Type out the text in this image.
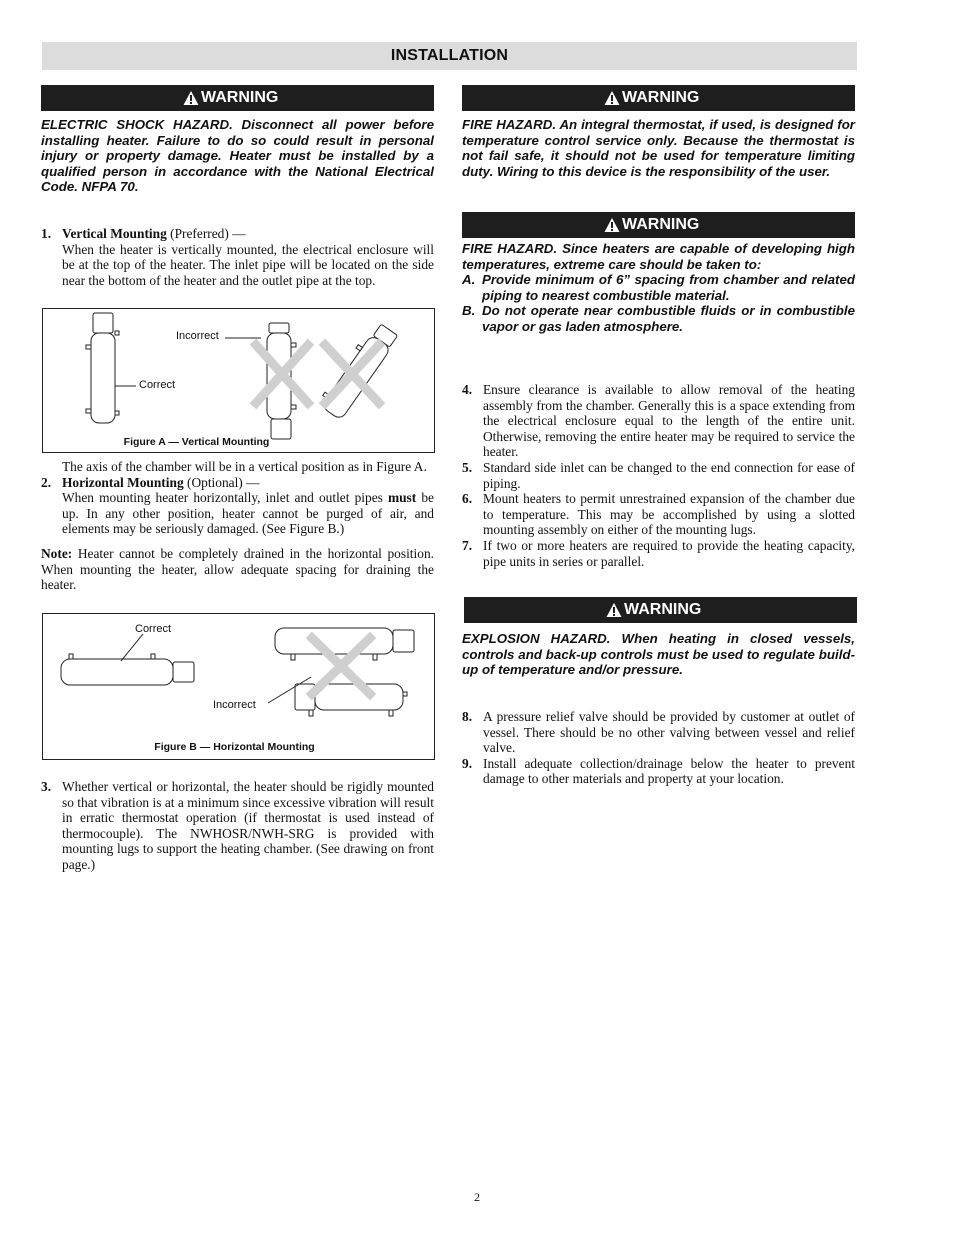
INSTALLATION
WARNING

ELECTRIC SHOCK HAZARD. Disconnect all power before installing heater. Failure to do so could result in personal injury or property damage. Heater must be installed by a qualified person in accordance with the National Electrical Code. NFPA 70.

1. Vertical Mounting (Preferred) —
When the heater is vertically mounted, the electrical enclosure will be at the top of the heater. The inlet pipe will be located on the side near the bottom of the heater and the outlet pipe at the top.
Incorrect
Correct
Figure A — Vertical Mounting
The axis of the chamber will be in a vertical position as in Figure A.
2. Horizontal Mounting (Optional) —
When mounting heater horizontally, inlet and outlet pipes must be up. In any other position, heater cannot be purged of air, and elements may be seriously damaged. (See Figure B.)

Note: Heater cannot be completely drained in the horizontal position. When mounting the heater, allow adequate spacing for draining the heater.

Correct
Incorrect
Figure B — Horizontal Mounting
3. Whether vertical or horizontal, the heater should be rigidly mounted so that vibration is at a minimum since excessive vibration will result in erratic thermostat operation (if thermostat is used instead of thermocouple). The NWHOSR/NWH-SRG is provided with mounting lugs to support the heating chamber. (See drawing on front page.)
WARNING

FIRE HAZARD. An integral thermostat, if used, is designed for temperature control service only. Because the thermostat is not fail safe, it should not be used for temperature limiting duty. Wiring to this device is the responsibility of the user.

WARNING

FIRE HAZARD. Since heaters are capable of developing high temperatures, extreme care should be taken to:

A. Provide minimum of 6” spacing from chamber and related piping to nearest combustible material.
B. Do not operate near combustible fluids or in combustible vapor or gas laden atmosphere.
4. Ensure clearance is available to allow removal of the heating assembly from the chamber. Generally this is a space extending from the electrical enclosure equal to the length of the entire unit. Otherwise, removing the entire heater may be required to service the heater.
5. Standard side inlet can be changed to the end connection for ease of piping.
6. Mount heaters to permit unrestrained expansion of the chamber due to temperature. This may be accomplished by using a slotted mounting assembly on either of the mounting lugs.
7. If two or more heaters are required to provide the heating capacity, pipe units in series or parallel.
WARNING

EXPLOSION HAZARD. When heating in closed vessels, controls and back-up controls must be used to regulate build-up of temperature and/or pressure.

8. A pressure relief valve should be provided by customer at outlet of vessel. There should be no other valving between vessel and relief valve.
9. Install adequate collection/drainage below the heater to prevent damage to other materials and property at your location.
2
